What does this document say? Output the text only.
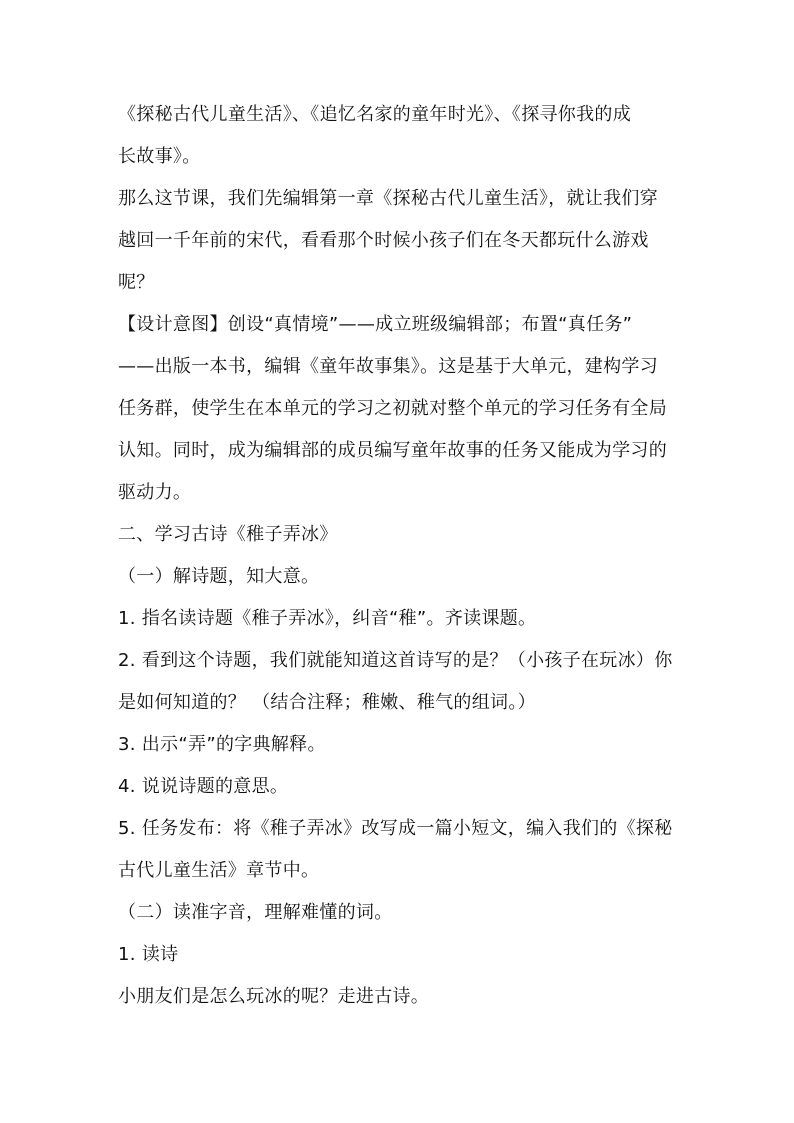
《探秘古代儿童生活》、《追忆名家的童年时光》、《探寻你我的成
长故事》。
那么这节课，我们先编辑第一章《探秘古代儿童生活》，就让我们穿
越回一千年前的宋代，看看那个时候小孩子们在冬天都玩什么游戏
呢？
【设计意图】创设“真情境”——成立班级编辑部；布置“真任务”
——出版一本书，编辑《童年故事集》。这是基于大单元，建构学习
任务群，使学生在本单元的学习之初就对整个单元的学习任务有全局
认知。同时，成为编辑部的成员编写童年故事的任务又能成为学习的
驱动力。
二、学习古诗《稚子弄冰》
（一）解诗题，知大意。
1. 指名读诗题《稚子弄冰》，纠音“稚”。齐读课题。
2. 看到这个诗题，我们就能知道这首诗写的是？（小孩子在玩冰）你
是如何知道的？ （结合注释；稚嫩、稚气的组词。）
3. 出示“弄”的字典解释。
4. 说说诗题的意思。
5. 任务发布：将《稚子弄冰》改写成一篇小短文，编入我们的《探秘
古代儿童生活》章节中。
（二）读准字音，理解难懂的词。
1. 读诗
小朋友们是怎么玩冰的呢？走进古诗。
